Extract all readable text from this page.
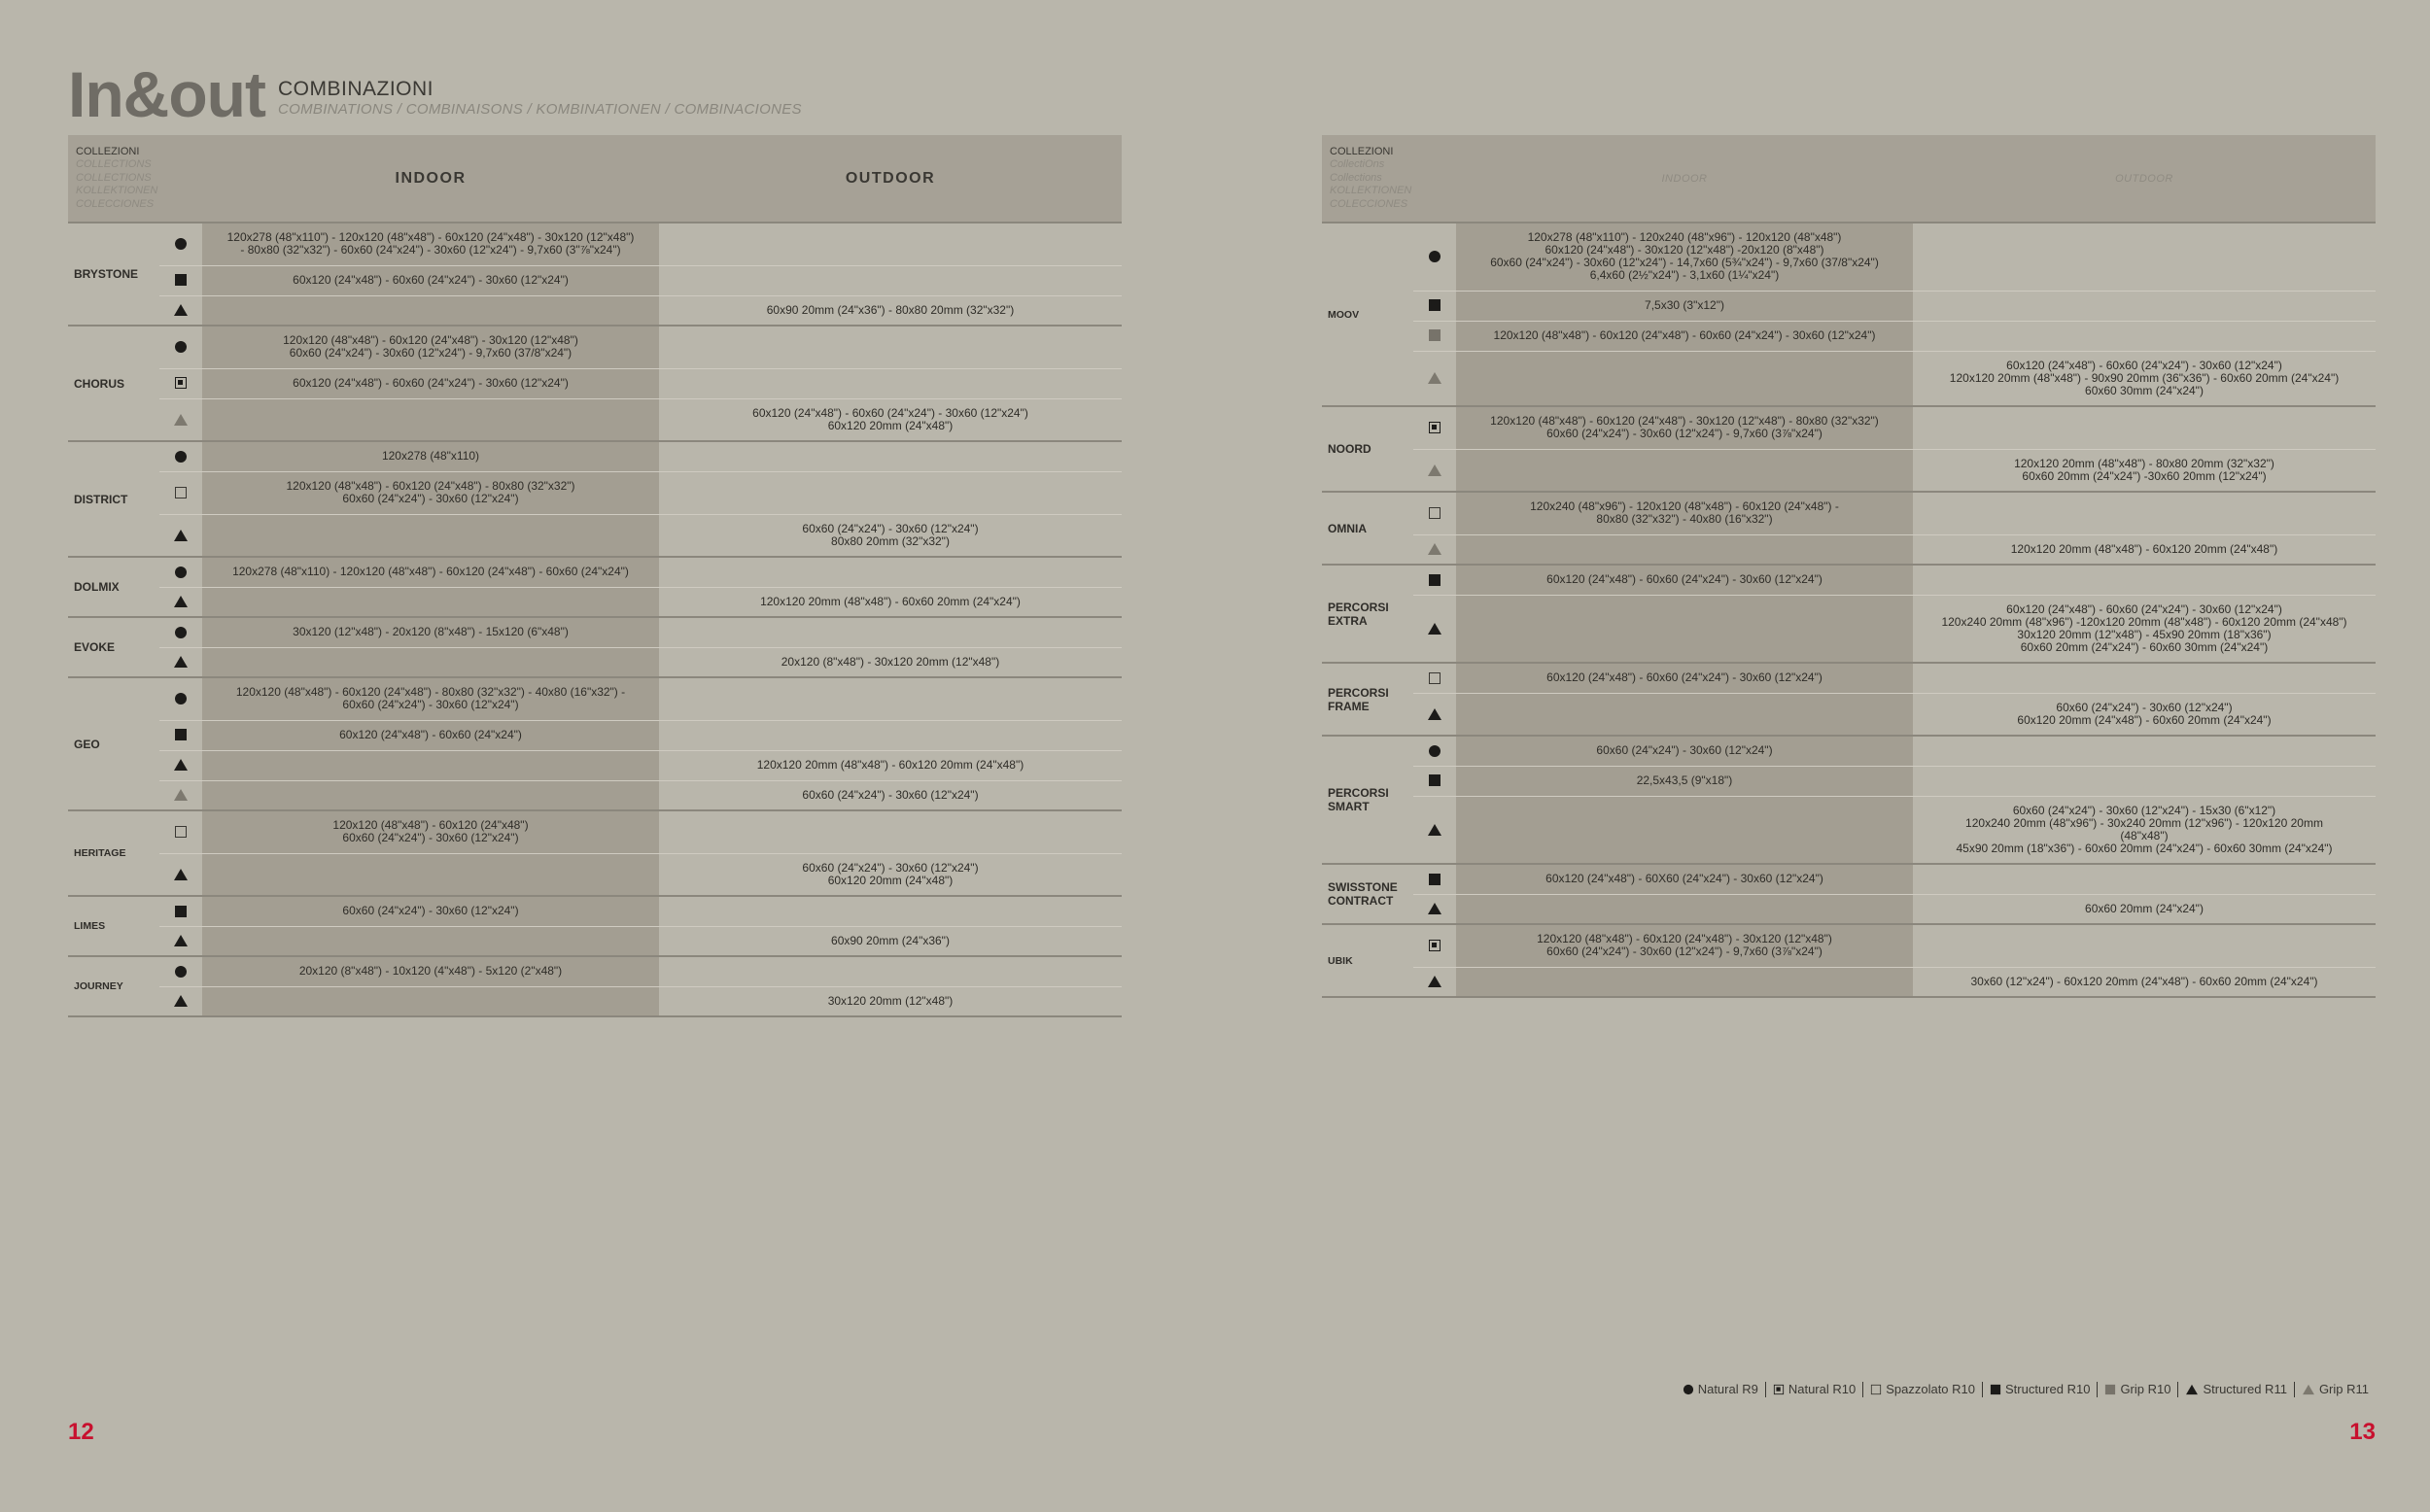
In&out COMBINAZIONI
COMBINATIONS / COMBINAISONS / KOMBINATIONEN / COMBINACIONES
COLLEZIONI
COLLECTIONS
COLLECTIONS
KOLLEKTIONEN
COLECCIONES		INDOOR	OUTDOOR

BRYSTONE		120x278 (48"x110") - 120x120 (48"x48") - 60x120 (24"x48") - 30x120 (12"x48")
- 80x80 (32"x32") - 60x60 (24"x24") - 30x60 (12"x24") - 9,7x60 (3"⅞"x24")	
		60x120 (24"x48") - 60x60 (24"x24") - 30x60 (12"x24")	
			60x90 20mm (24"x36") - 80x80 20mm (32"x32")

CHORUS		120x120 (48"x48") - 60x120 (24"x48") - 30x120 (12"x48")
60x60 (24"x24") - 30x60 (12"x24") - 9,7x60 (37/8"x24")	
		60x120 (24"x48") - 60x60 (24"x24") - 30x60 (12"x24")	
			60x120 (24"x48") - 60x60 (24"x24") - 30x60 (12"x24")
60x120 20mm (24"x48")

DISTRICT		120x278 (48"x110)	
		120x120 (48"x48") - 60x120 (24"x48") - 80x80 (32"x32")
60x60 (24"x24") - 30x60 (12"x24")	
			60x60 (24"x24") - 30x60 (12"x24")
80x80 20mm (32"x32")

DOLMIX		120x278 (48"x110) - 120x120 (48"x48") - 60x120 (24"x48") - 60x60 (24"x24")	
			120x120 20mm (48"x48") - 60x60 20mm (24"x24")

EVOKE		30x120 (12"x48") - 20x120 (8"x48") - 15x120 (6"x48")	
			20x120 (8"x48") - 30x120 20mm (12"x48")

GEO		120x120 (48"x48") - 60x120 (24"x48") - 80x80 (32"x32") - 40x80 (16"x32") -
60x60 (24"x24") - 30x60 (12"x24")	
		60x120 (24"x48") - 60x60 (24"x24")	
			120x120 20mm (48"x48") - 60x120 20mm (24"x48")
			60x60 (24"x24") - 30x60 (12"x24")

HERITAGE		120x120 (48"x48") - 60x120 (24"x48")
60x60 (24"x24") - 30x60 (12"x24")	
			60x60 (24"x24") - 30x60 (12"x24")
60x120 20mm (24"x48")

LIMES		60x60 (24"x24") - 30x60 (12"x24")	
			60x90 20mm (24"x36")

JOURNEY		20x120 (8"x48") - 10x120 (4"x48") - 5x120 (2"x48")	
			30x120 20mm (12"x48")
COLLEZIONI
CollectiOns
Collections
KOLLEKTIONEN
COLECCIONES		INDOOR	OUTDOOR

MOOV		120x278 (48"x110") - 120x240 (48"x96") - 120x120 (48"x48")
60x120 (24"x48") - 30x120 (12"x48") -20x120 (8"x48")
60x60 (24"x24") - 30x60 (12"x24") - 14,7x60 (5¾"x24") - 9,7x60 (37/8"x24")
6,4x60 (2½"x24") - 3,1x60 (1¼"x24")	
		7,5x30 (3"x12")	
		120x120 (48"x48") - 60x120 (24"x48") - 60x60 (24"x24") - 30x60 (12"x24")	
			60x120 (24"x48") - 60x60 (24"x24") - 30x60 (12"x24")
120x120 20mm (48"x48") - 90x90 20mm (36"x36") - 60x60 20mm (24"x24")
60x60 30mm (24"x24")

NOORD		120x120 (48"x48") - 60x120 (24"x48") - 30x120 (12"x48") - 80x80 (32"x32")
60x60 (24"x24") - 30x60 (12"x24") - 9,7x60 (3⅞"x24")	
			120x120 20mm (48"x48") - 80x80 20mm (32"x32")
60x60 20mm (24"x24") -30x60 20mm (12"x24")

OMNIA		120x240 (48"x96") - 120x120 (48"x48") - 60x120 (24"x48") -
80x80 (32"x32") - 40x80 (16"x32")	
			120x120 20mm (48"x48") - 60x120 20mm (24"x48")

PERCORSI
EXTRA		60x120 (24"x48") - 60x60 (24"x24") - 30x60 (12"x24")	
			60x120 (24"x48") - 60x60 (24"x24") - 30x60 (12"x24")
120x240 20mm (48"x96") -120x120 20mm (48"x48") - 60x120 20mm (24"x48")
30x120 20mm (12"x48") - 45x90 20mm (18"x36")
60x60 20mm (24"x24") - 60x60 30mm (24"x24")

PERCORSI
FRAME		60x120 (24"x48") - 60x60 (24"x24") - 30x60 (12"x24")	
			60x60 (24"x24") - 30x60 (12"x24")
60x120 20mm (24"x48") - 60x60 20mm (24"x24")

PERCORSI
SMART		60x60 (24"x24") - 30x60 (12"x24")	
		22,5x43,5 (9"x18")	
			60x60 (24"x24") - 30x60 (12"x24") - 15x30 (6"x12")
120x240 20mm (48"x96") - 30x240 20mm (12"x96") - 120x120 20mm
(48"x48")
45x90 20mm (18"x36") - 60x60 20mm (24"x24") - 60x60 30mm (24"x24")

SWISSTONE
CONTRACT		60x120 (24"x48") - 60X60 (24"x24") - 30x60 (12"x24")	
			60x60 20mm (24"x24")

UBIK		120x120 (48"x48") - 60x120 (24"x48") - 30x120 (12"x48")
60x60 (24"x24") - 30x60 (12"x24") - 9,7x60 (3⅞"x24")	
			30x60 (12"x24") - 60x120 20mm (24"x48") - 60x60 20mm (24"x24")
Natural R9 Natural R10 Spazzolato R10 Structured R10 Grip R10	Structured R11	Grip R11
12	13
